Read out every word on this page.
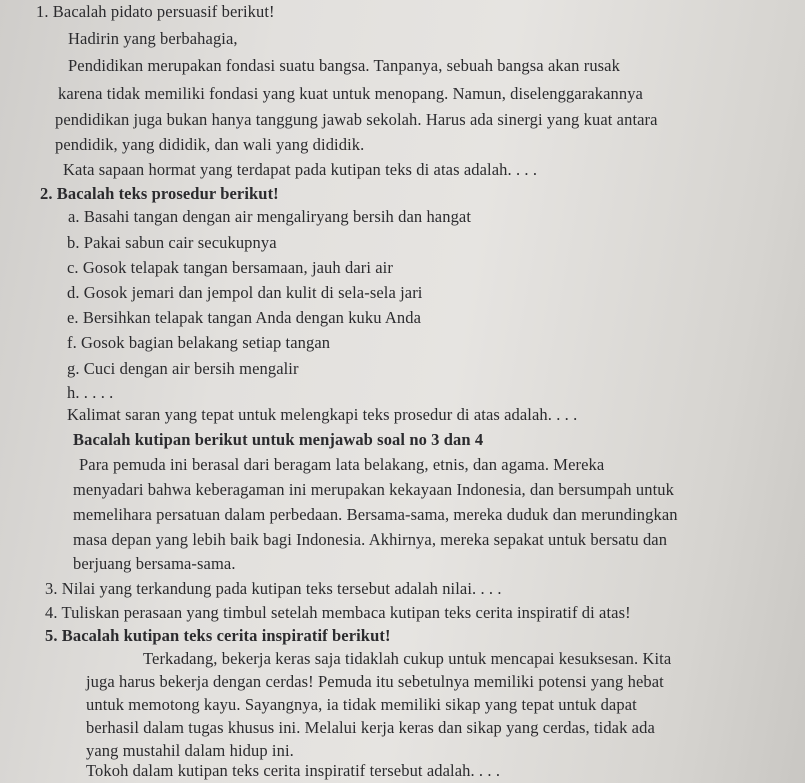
1. Bacalah pidato persuasif berikut!
Hadirin yang berbahagia,
Pendidikan merupakan fondasi suatu bangsa. Tanpanya, sebuah bangsa akan rusak
karena tidak memiliki fondasi yang kuat untuk menopang. Namun, diselenggarakannya
pendidikan juga bukan hanya tanggung jawab sekolah. Harus ada sinergi yang kuat antara
pendidik, yang dididik, dan wali yang dididik.
Kata sapaan hormat yang terdapat pada kutipan teks di atas adalah. . . .
2. Bacalah teks prosedur berikut!
a. Basahi tangan dengan air mengaliryang bersih dan hangat
b. Pakai sabun cair secukupnya
c. Gosok telapak tangan bersamaan, jauh dari air
d. Gosok jemari dan jempol dan kulit di sela-sela jari
e. Bersihkan telapak tangan Anda dengan kuku Anda
f. Gosok bagian belakang setiap tangan
g. Cuci dengan air bersih mengalir
h. . . . .
Kalimat saran yang tepat untuk melengkapi teks prosedur di atas adalah. . . .
Bacalah kutipan berikut untuk menjawab soal no 3 dan 4
Para pemuda ini berasal dari beragam lata belakang, etnis, dan agama. Mereka
menyadari bahwa keberagaman ini merupakan kekayaan Indonesia, dan bersumpah untuk
memelihara persatuan dalam perbedaan. Bersama-sama, mereka duduk dan merundingkan
masa depan yang lebih baik bagi Indonesia. Akhirnya, mereka sepakat untuk bersatu dan
berjuang bersama-sama.
3. Nilai yang terkandung pada kutipan teks tersebut adalah nilai. . . .
4. Tuliskan perasaan yang timbul setelah membaca kutipan teks cerita inspiratif di atas!
5. Bacalah kutipan teks cerita inspiratif berikut!
Terkadang, bekerja keras saja tidaklah cukup untuk mencapai kesuksesan. Kita
juga harus bekerja dengan cerdas! Pemuda itu sebetulnya memiliki potensi yang hebat
untuk memotong kayu. Sayangnya, ia tidak memiliki sikap yang tepat untuk dapat
berhasil dalam tugas khusus ini. Melalui kerja keras dan sikap yang cerdas, tidak ada
yang mustahil dalam hidup ini.
Tokoh dalam kutipan teks cerita inspiratif tersebut adalah. . . .
